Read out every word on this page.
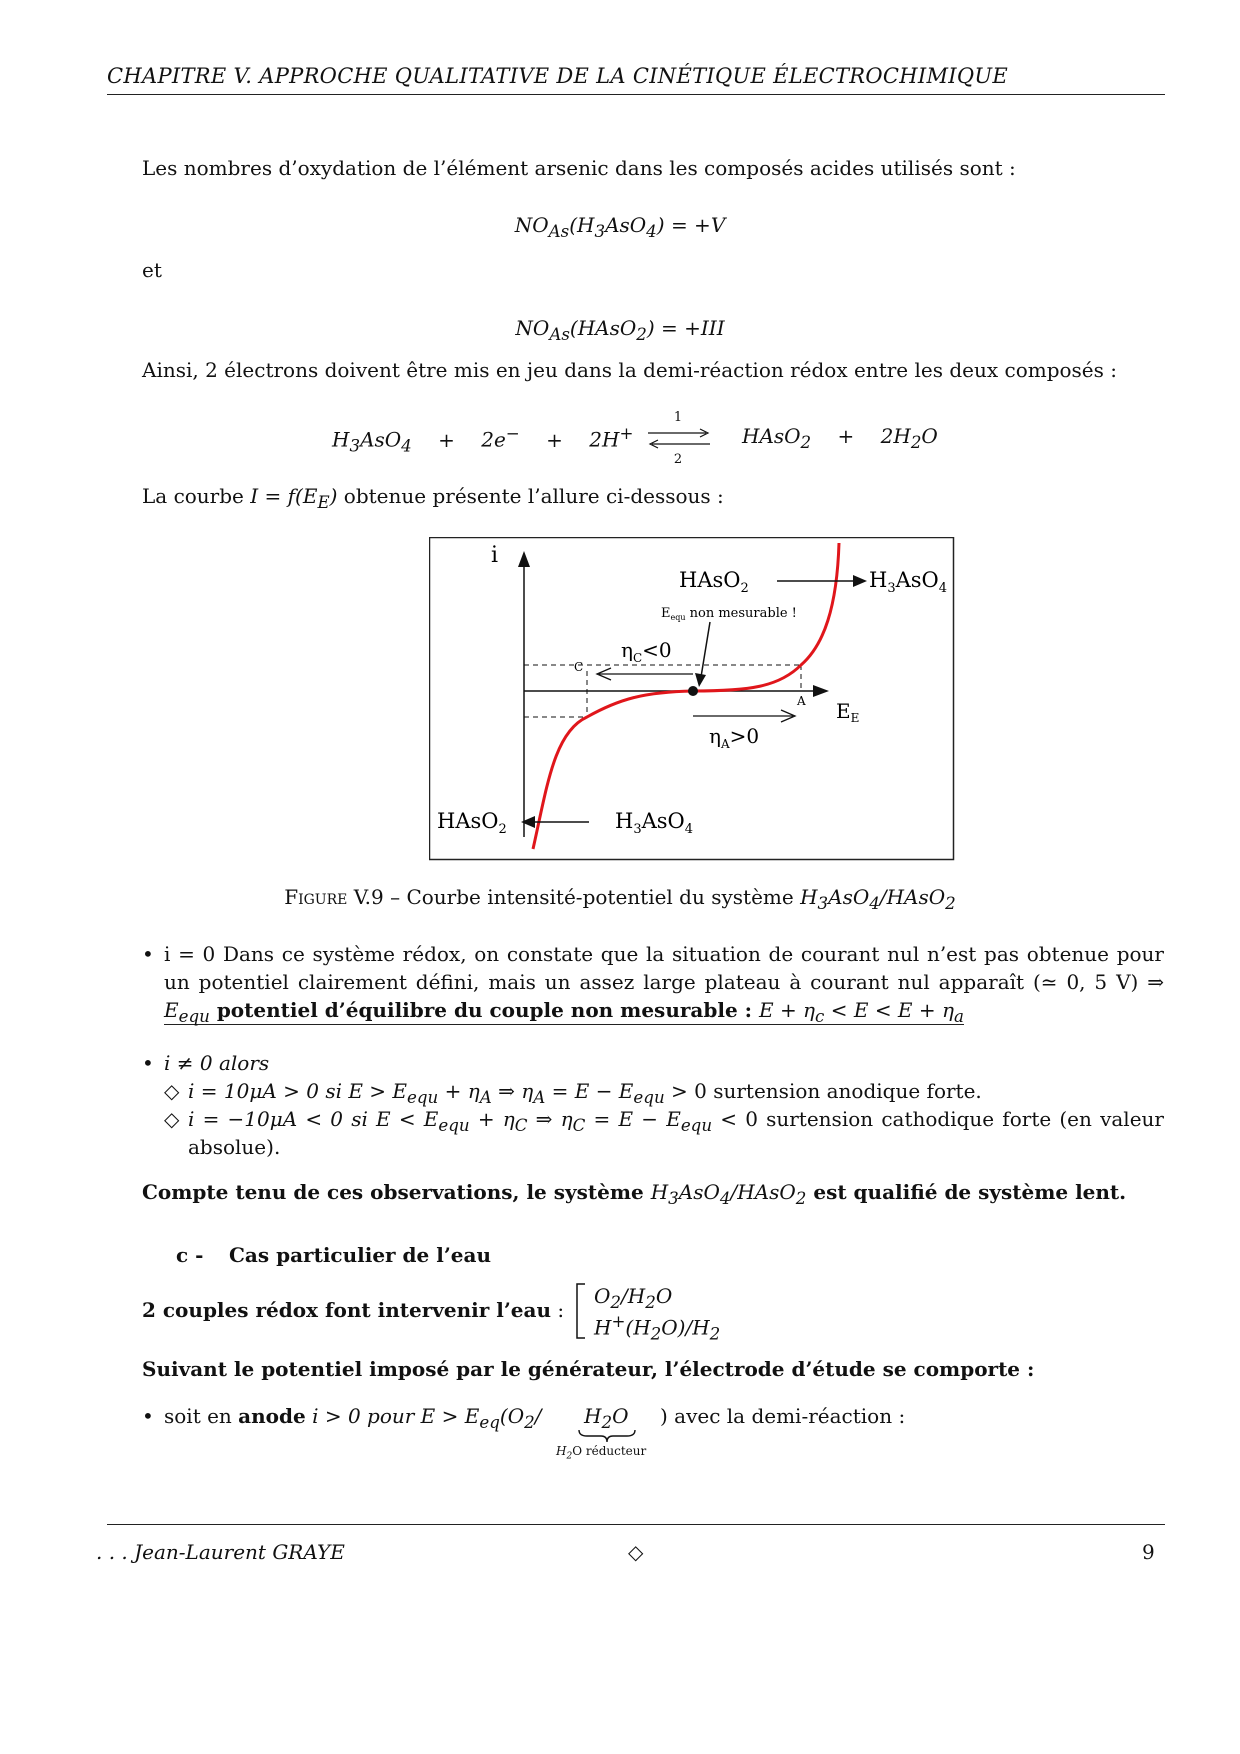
CHAPITRE V. APPROCHE QUALITATIVE DE LA CINÉTIQUE ÉLECTROCHIMIQUE
Les nombres d’oxydation de l’élément arsenic dans les composés acides utilisés sont :
$NO_{As}(H_3AsO_4) = +V$
et
$NO_{As}(HAsO_2) = +III$
Ainsi, 2 électrons doivent être mis en jeu dans la demi-réaction rédox entre les deux composés :
$H_3AsO_4 + 2e^- + 2H^+$
1
2
HAsO$_2$ + $2H_2O$
La courbe $I = f(E_E)$ obtenue présente l’allure ci-dessous :
i
$E_E$
C
$\eta_C<0$
A
$\eta_A>0$
$E_{equ}$ non mesurable !
HAsO$_2$	$H_3AsO_4$
HAsO$_2$	$H_3AsO_4$
Figure V.9 – Courbe intensité-potentiel du système $H_3AsO_4/HAsO_2$
• i = 0 Dans ce système rédox, on constate que la situation de courant nul n’est pas obtenue pour
un potentiel clairement défini, mais un assez large plateau à courant nul apparaît (≃ 0, 5 V) ⇒
$E_{equ}$ potentiel d’équilibre du couple non mesurable : $E + \eta_c < E < E + \eta_a$
• i ≠ 0 alors
◇ i = 10μA > 0 si $E > E_{equ} + \eta_A$ ⇒ $\eta_A = E - E_{equ} > 0$ surtension anodique forte.
◇ i = −10μA < 0 si $E < E_{equ} + \eta_C$ ⇒ $\eta_C = E - E_{equ} < 0$ surtension cathodique forte (en valeur
absolue).
Compte tenu de ces observations, le système $H_3AsO_4/HAsO_2$ est qualifié de système lent.
c - Cas particulier de l’eau
2 couples rédox font intervenir l’eau :
$O_2/H_2O$
$H^+(H_2O)/H_2$
Suivant le potentiel imposé par le générateur, l’électrode d’étude se comporte :
• soit en anode i > 0 pour $E > E_{eq}(O_2/$ $H_2O$
$H_2O$ réducteur
) avec la demi-réaction :
. . . Jean-Laurent GRAYE	◇	9
